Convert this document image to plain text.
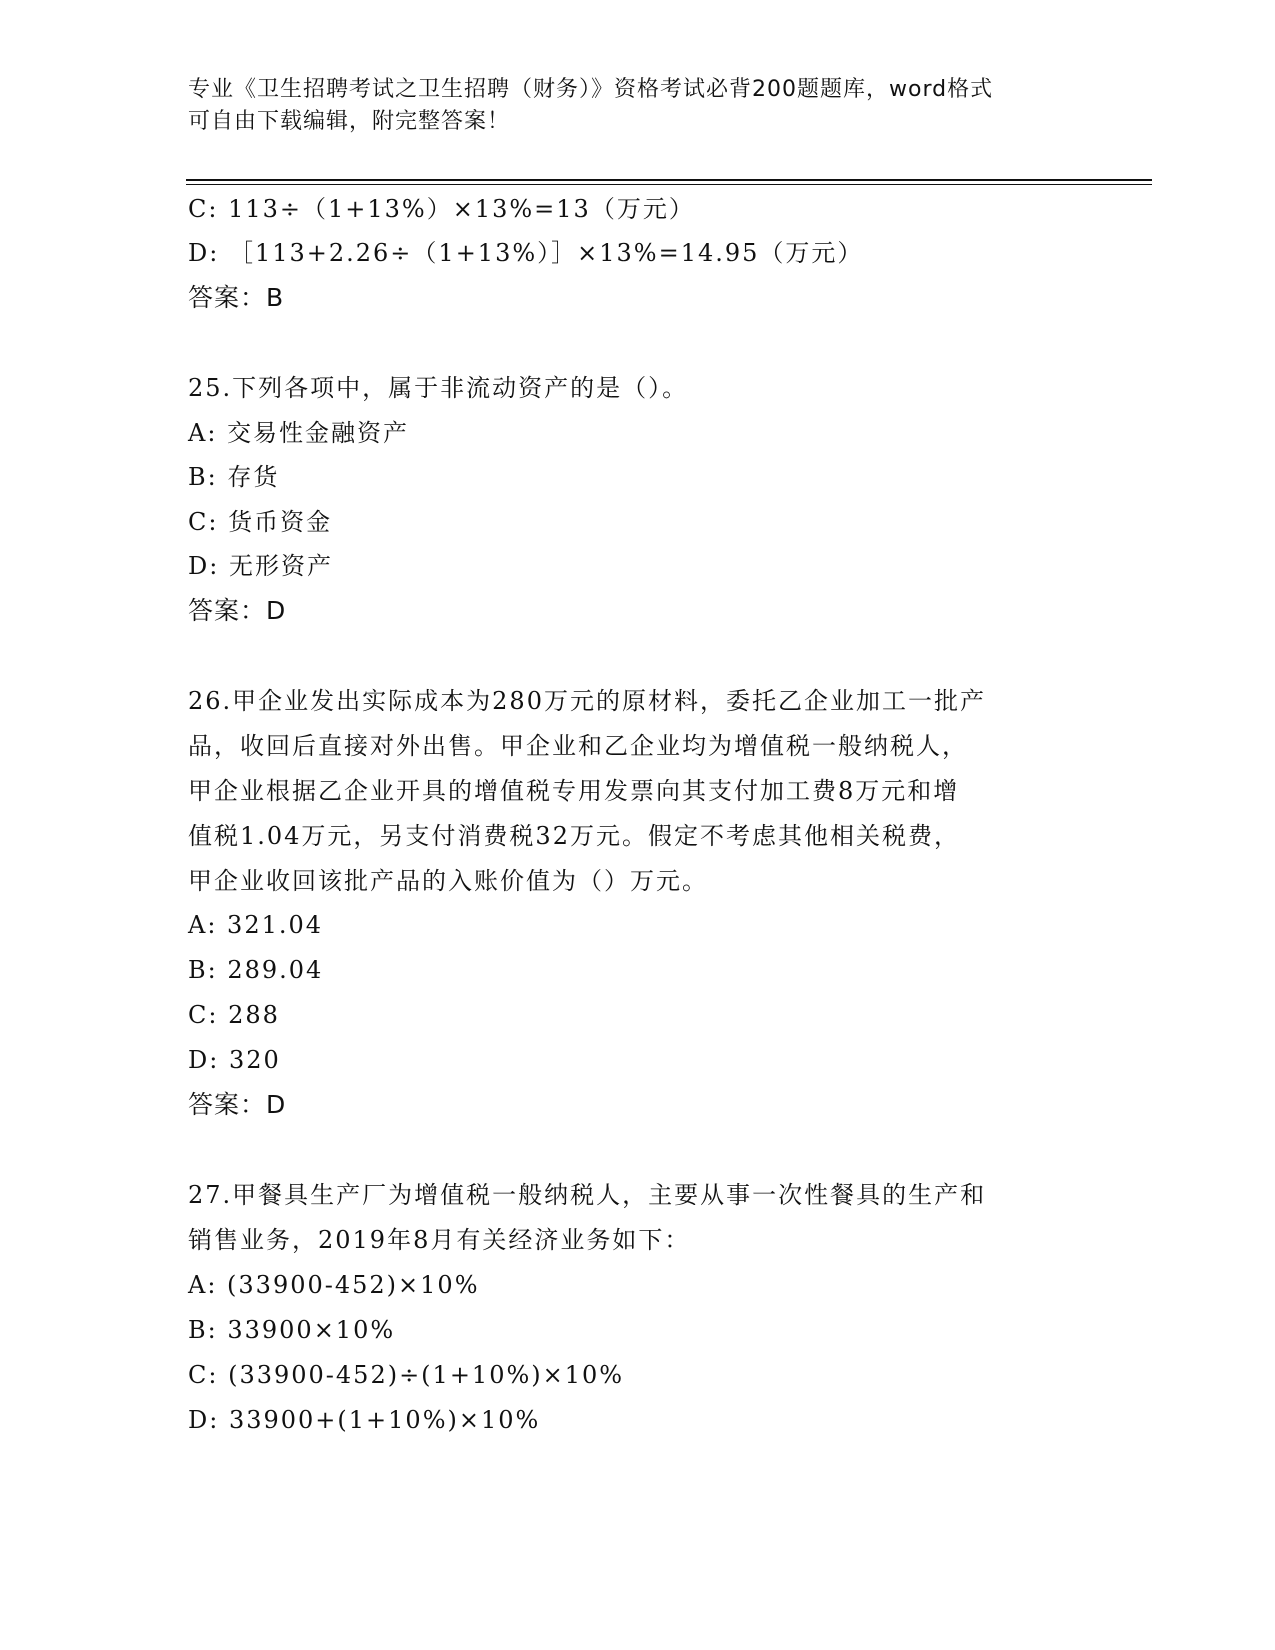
专业《卫生招聘考试之卫生招聘（财务）》资格考试必背200题题库，word格式
可自由下载编辑，附完整答案！
C: 113÷（1+13%）×13%=13（万元）
D: ［113+2.26÷（1+13%）］×13%=14.95（万元）
答案：B
25.下列各项中，属于非流动资产的是（）。
A: 交易性金融资产
B: 存货
C: 货币资金
D: 无形资产
答案：D
26.甲企业发出实际成本为280万元的原材料，委托乙企业加工一批产
品，收回后直接对外出售。甲企业和乙企业均为增值税一般纳税人，
甲企业根据乙企业开具的增值税专用发票向其支付加工费8万元和增
值税1.04万元，另支付消费税32万元。假定不考虑其他相关税费，
甲企业收回该批产品的入账价值为（）万元。
A: 321.04
B: 289.04
C: 288
D: 320
答案：D
27.甲餐具生产厂为增值税一般纳税人，主要从事一次性餐具的生产和
销售业务，2019年8月有关经济业务如下：
A: (33900-452)×10%
B: 33900×10%
C: (33900-452)÷(1+10%)×10%
D: 33900+(1+10%)×10%
